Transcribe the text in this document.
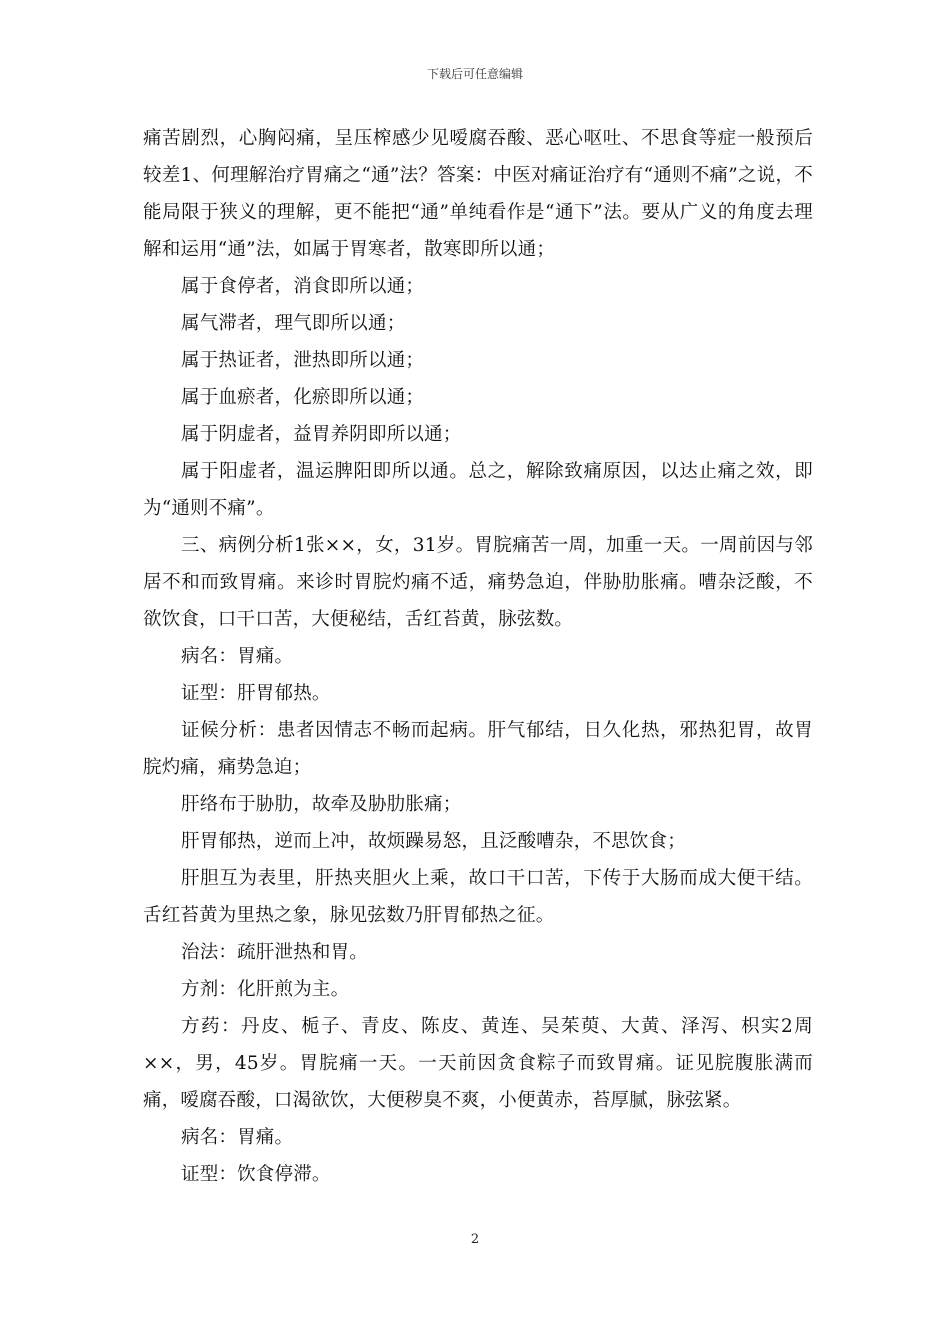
下载后可任意编辑

痛苦剧烈，心胸闷痛，呈压榨感少见嗳腐吞酸、恶心呕吐、不思食等症一般预后较差1、何理解治疗胃痛之“通”法？答案：中医对痛证治疗有“通则不痛”之说，不能局限于狭义的理解，更不能把“通”单纯看作是“通下”法。要从广义的角度去理解和运用“通”法，如属于胃寒者，散寒即所以通；

属于食停者，消食即所以通；

属气滞者，理气即所以通；

属于热证者，泄热即所以通；

属于血瘀者，化瘀即所以通；

属于阴虚者，益胃养阴即所以通；

属于阳虚者，温运脾阳即所以通。总之，解除致痛原因，以达止痛之效，即为“通则不痛”。

三、病例分析1张××，女，31岁。胃脘痛苦一周，加重一天。一周前因与邻居不和而致胃痛。来诊时胃脘灼痛不适，痛势急迫，伴胁肋胀痛。嘈杂泛酸，不欲饮食，口干口苦，大便秘结，舌红苔黄，脉弦数。

病名：胃痛。

证型：肝胃郁热。

证候分析：患者因情志不畅而起病。肝气郁结，日久化热，邪热犯胃，故胃脘灼痛，痛势急迫；

肝络布于胁肋，故牵及胁肋胀痛；

肝胃郁热，逆而上冲，故烦躁易怒，且泛酸嘈杂，不思饮食；

肝胆互为表里，肝热夹胆火上乘，故口干口苦，下传于大肠而成大便干结。舌红苔黄为里热之象，脉见弦数乃肝胃郁热之征。

治法：疏肝泄热和胃。

方剂：化肝煎为主。

方药：丹皮、栀子、青皮、陈皮、黄连、吴茱萸、大黄、泽泻、枳实2周××，男，45岁。胃脘痛一天。一天前因贪食粽子而致胃痛。证见脘腹胀满而痛，嗳腐吞酸，口渴欲饮，大便秽臭不爽，小便黄赤，苔厚腻，脉弦紧。

病名：胃痛。

证型：饮食停滞。

2
